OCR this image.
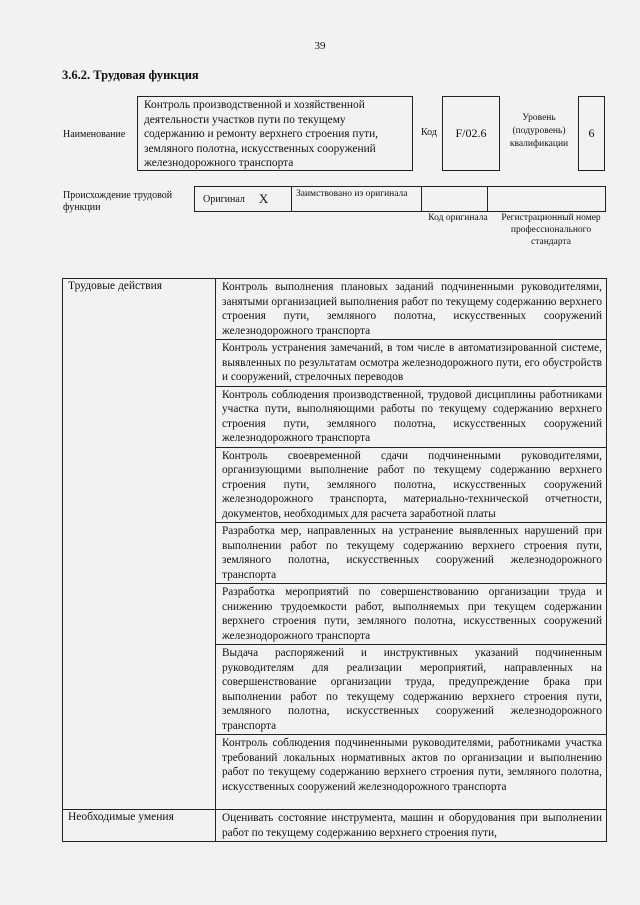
39
3.6.2. Трудовая функция
Наименование
Контроль производственной и хозяйственной деятельности участков пути по текущему содержанию и ремонту верхнего строения пути, земляного полотна, искусственных сооружений железнодорожного транспорта
Код	F/02.6
Уровень (подуровень) квалификации
6
Происхождение трудовой функции
Оригинал X	Заимствовано из оригинала
Код оригинала	Регистрационный номер профессионального стандарта
Трудовые действия	Контроль выполнения плановых заданий подчиненными руководителями, занятыми организацией выполнения работ по текущему содержанию верхнего строения пути, земляного полотна, искусственных сооружений железнодорожного транспорта
	Контроль устранения замечаний, в том числе в автоматизированной системе, выявленных по результатам осмотра железнодорожного пути, его обустройств и сооружений, стрелочных переводов
	Контроль соблюдения производственной, трудовой дисциплины работниками участка пути, выполняющими работы по текущему содержанию верхнего строения пути, земляного полотна, искусственных сооружений железнодорожного транспорта
	Контроль своевременной сдачи подчиненными руководителями, организующими выполнение работ по текущему содержанию верхнего строения пути, земляного полотна, искусственных сооружений железнодорожного транспорта, материально-технической отчетности, документов, необходимых для расчета заработной платы
	Разработка мер, направленных на устранение выявленных нарушений при выполнении работ по текущему содержанию верхнего строения пути, земляного полотна, искусственных сооружений железнодорожного транспорта
	Разработка мероприятий по совершенствованию организации труда и снижению трудоемкости работ, выполняемых при текущем содержании верхнего строения пути, земляного полотна, искусственных сооружений железнодорожного транспорта
	Выдача распоряжений и инструктивных указаний подчиненным руководителям для реализации мероприятий, направленных на совершенствование организации труда, предупреждение брака при выполнении работ по текущему содержанию верхнего строения пути, земляного полотна, искусственных сооружений железнодорожного транспорта
	Контроль соблюдения подчиненными руководителями, работниками участка требований локальных нормативных актов по организации и выполнению работ по текущему содержанию верхнего строения пути, земляного полотна, искусственных сооружений железнодорожного транспорта
Необходимые умения	Оценивать состояние инструмента, машин и оборудования при выполнении работ по текущему содержанию верхнего строения пути,
